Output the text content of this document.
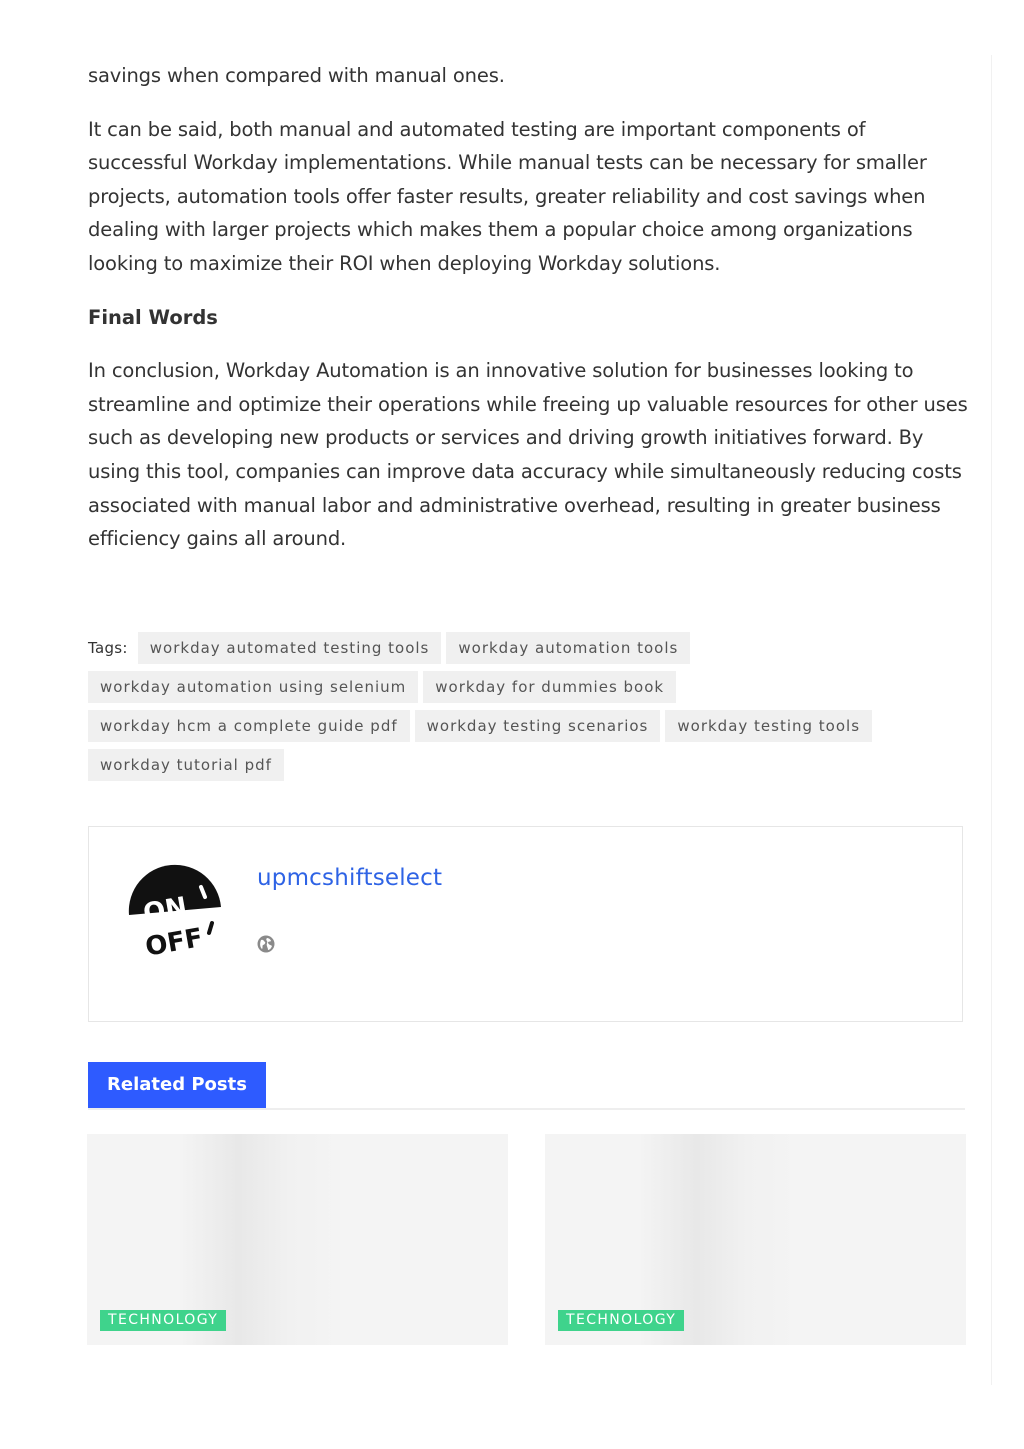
savings when compared with manual ones.

It can be said, both manual and automated testing are important components of successful Workday implementations. While manual tests can be necessary for smaller projects, automation tools offer faster results, greater reliability and cost savings when dealing with larger projects which makes them a popular choice among organizations looking to maximize their ROI when deploying Workday solutions.

Final Words

In conclusion, Workday Automation is an innovative solution for businesses looking to streamline and optimize their operations while freeing up valuable resources for other uses such as developing new products or services and driving growth initiatives forward. By using this tool, companies can improve data accuracy while simultaneously reducing costs associated with manual labor and administrative overhead, resulting in greater business efficiency gains all around.

Tags:	workday automated testing tools	workday automation tools
workday automation using selenium	workday for dummies book
workday hcm a complete guide pdf	workday testing scenarios	workday testing tools
workday tutorial pdf
ON
OFF
upmcshiftselect
Related Posts
TECHNOLOGY	TECHNOLOGY
